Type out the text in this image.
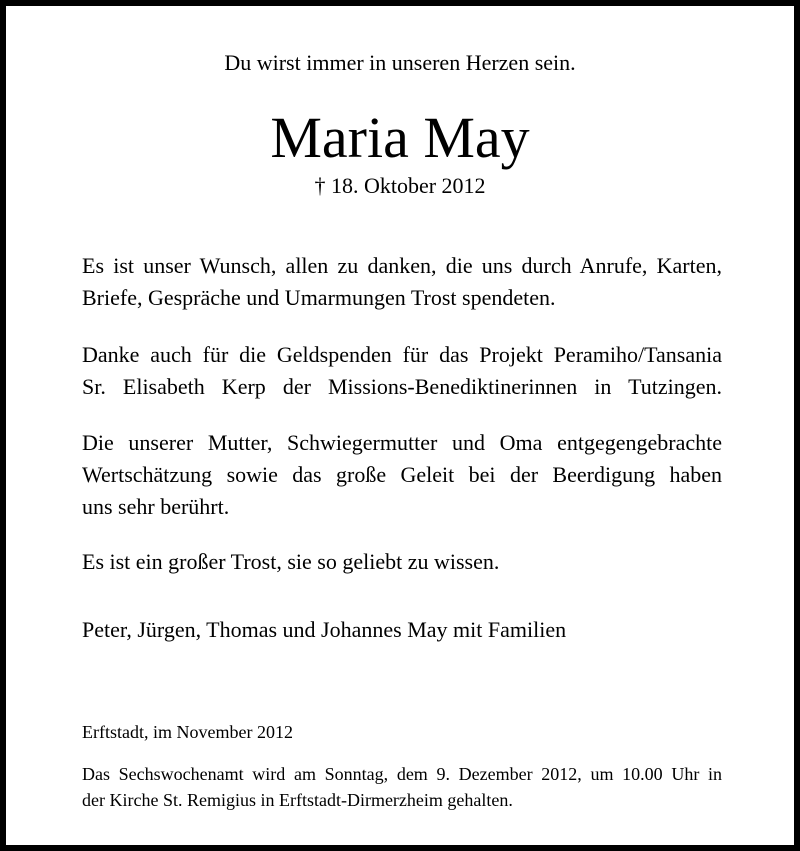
Du wirst immer in unseren Herzen sein.
Maria May
† 18. Oktober 2012
Es ist unser Wunsch, allen zu danken, die uns durch Anrufe, Karten,
Briefe, Gespräche und Umarmungen Trost spendeten.
Danke auch für die Geldspenden für das Projekt Peramiho/Tansania
Sr. Elisabeth Kerp der Missions-Benediktinerinnen in Tutzingen.
Die unserer Mutter, Schwiegermutter und Oma entgegengebrachte
Wertschätzung sowie das große Geleit bei der Beerdigung haben
uns sehr berührt.
Es ist ein großer Trost, sie so geliebt zu wissen.
Peter, Jürgen, Thomas und Johannes May mit Familien
Erftstadt, im November 2012
Das Sechswochenamt wird am Sonntag, dem 9. Dezember 2012, um 10.00 Uhr in
der Kirche St. Remigius in Erftstadt-Dirmerzheim gehalten.
